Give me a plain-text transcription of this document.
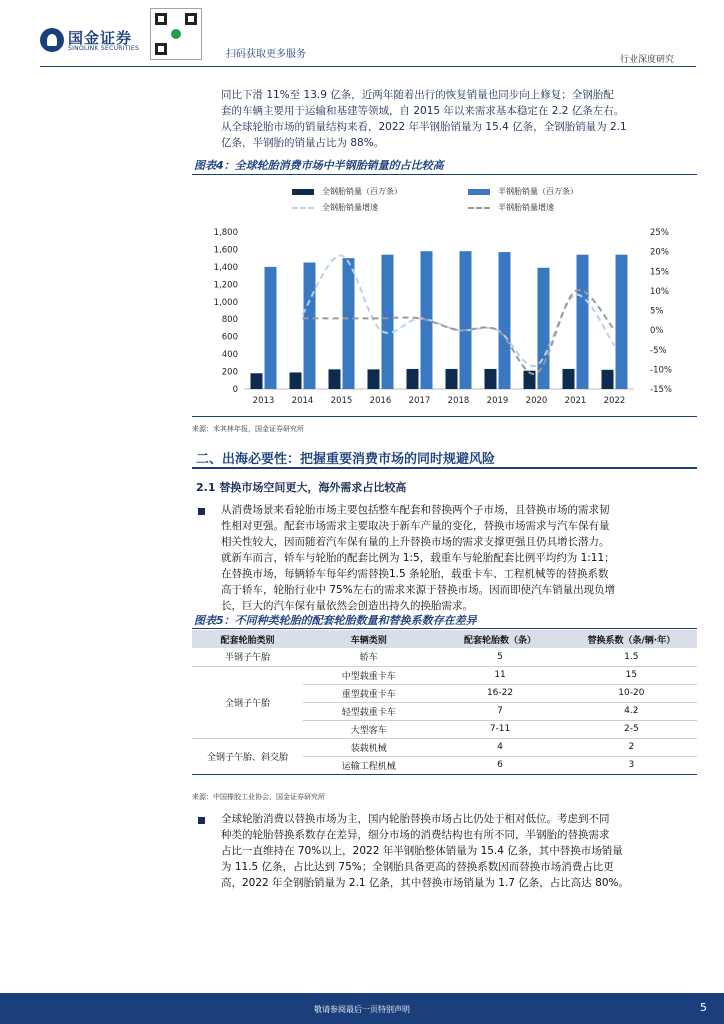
国金证券
SINOLINK SECURITIES
扫码获取更多服务	行业深度研究
同比下滑 11%至 13.9 亿条，近两年随着出行的恢复销量也同步向上修复；全钢胎配
套的车辆主要用于运输和基建等领域，自 2015 年以来需求基本稳定在 2.2 亿条左右。
从全球轮胎市场的销量结构来看，2022 年半钢胎销量为 15.4 亿条，全钢胎销量为 2.1
亿条，半钢胎的销量占比为 88%。
图表4：全球轮胎消费市场中半钢胎销量的占比较高
全钢胎销量（百万条）	半钢胎销量（百万条）
全钢胎销量增速	半钢胎销量增速
0
200
400
600
800
1,000
1,200
1,400
1,600
1,800
-15%
-10%
-5%
0%
5%
10%
15%
20%
25%
2013 2014 2015 2016 2017 2018 2019 2020 2021 2022
来源：米其林年报，国金证券研究所
二、出海必要性：把握重要消费市场的同时规避风险
2.1 替换市场空间更大，海外需求占比较高
从消费场景来看轮胎市场主要包括整车配套和替换两个子市场，且替换市场的需求韧
性相对更强。配套市场需求主要取决于新车产量的变化，替换市场需求与汽车保有量
相关性较大，因而随着汽车保有量的上升替换市场的需求支撑更强且仍具增长潜力。
就新车而言，轿车与轮胎的配套比例为 1:5，载重车与轮胎配套比例平均约为 1:11；
在替换市场，每辆轿车每年约需替换1.5 条轮胎，载重卡车、工程机械等的替换系数
高于轿车，轮胎行业中 75%左右的需求来源于替换市场。因而即使汽车销量出现负增
长，巨大的汽车保有量依然会创造出持久的换胎需求。
图表5：不同种类轮胎的配套轮胎数量和替换系数存在差异
配套轮胎类别	车辆类别	配套轮胎数（条）	替换系数（条/辆·年）
半钢子午胎	轿车	5	1.5
全钢子午胎	中型载重卡车	11	15
	重型载重卡车	16-22	10-20
	轻型载重卡车	7	4.2
	大型客车	7-11	2-5
全钢子午胎、斜交胎	装载机械	4	2
	运输工程机械	6	3
来源：中国橡胶工业协会、国金证券研究所
全球轮胎消费以替换市场为主，国内轮胎替换市场占比仍处于相对低位。考虑到不同
种类的轮胎替换系数存在差异，细分市场的消费结构也有所不同，半钢胎的替换需求
占比一直维持在 70%以上，2022 年半钢胎整体销量为 15.4 亿条，其中替换市场销量
为 11.5 亿条，占比达到 75%；全钢胎具备更高的替换系数因而替换市场消费占比更
高，2022 年全钢胎销量为 2.1 亿条，其中替换市场销量为 1.7 亿条，占比高达 80%。
敬请参阅最后一页特别声明	5
